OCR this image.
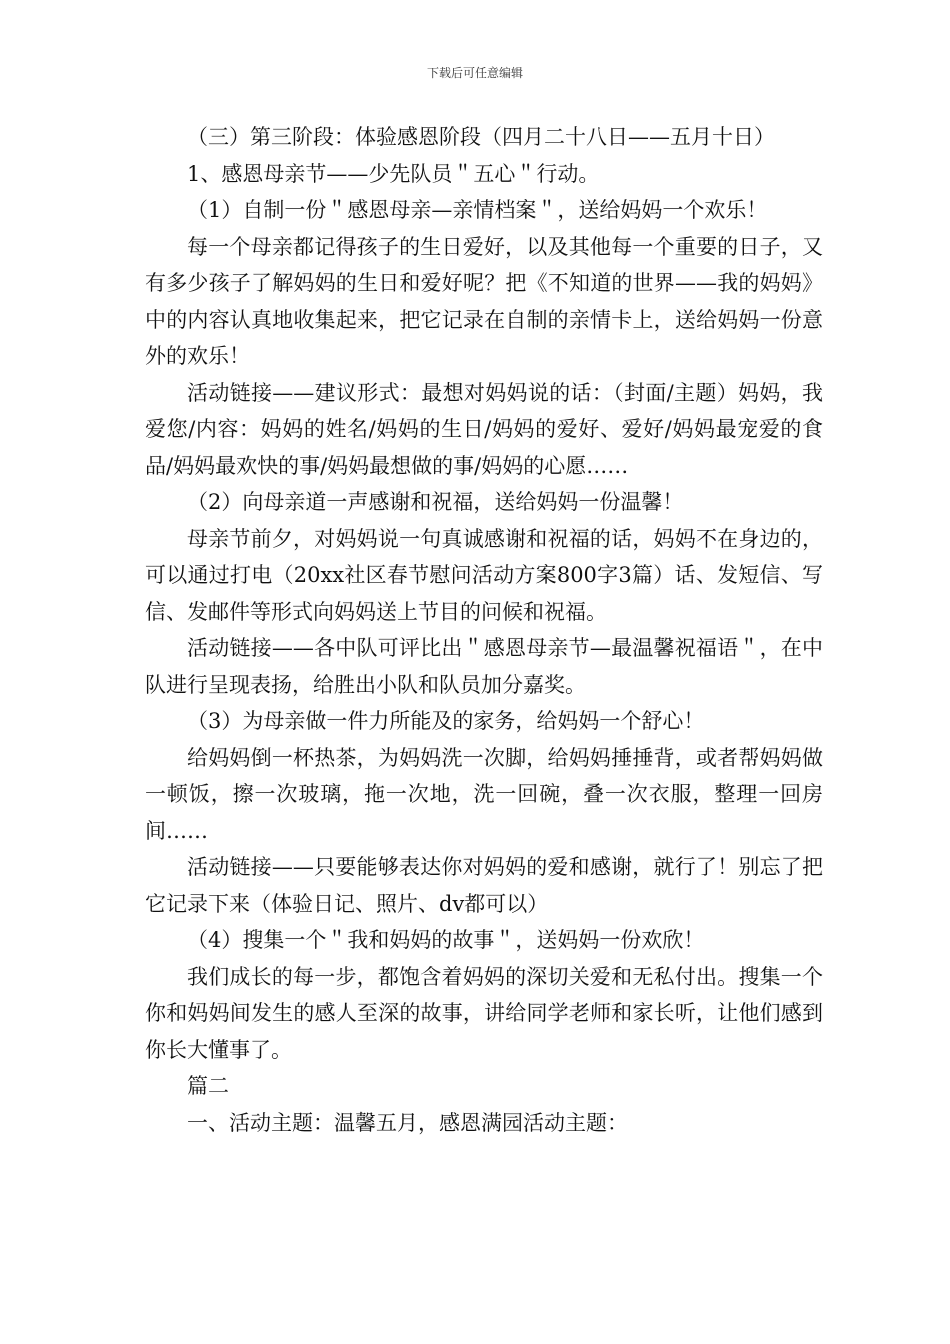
下载后可任意编辑

（三）第三阶段：体验感恩阶段（四月二十八日——五月十日）

1、感恩母亲节——少先队员＂五心＂行动。

（1）自制一份＂感恩母亲—亲情档案＂，送给妈妈一个欢乐！

每一个母亲都记得孩子的生日爱好，以及其他每一个重要的日子，又有多少孩子了解妈妈的生日和爱好呢？把《不知道的世界——我的妈妈》中的内容认真地收集起来，把它记录在自制的亲情卡上，送给妈妈一份意外的欢乐！

活动链接——建议形式：最想对妈妈说的话：（封面/主题）妈妈，我爱您/内容：妈妈的姓名/妈妈的生日/妈妈的爱好、爱好/妈妈最宠爱的食品/妈妈最欢快的事/妈妈最想做的事/妈妈的心愿……

（2）向母亲道一声感谢和祝福，送给妈妈一份温馨！

母亲节前夕，对妈妈说一句真诚感谢和祝福的话，妈妈不在身边的，可以通过打电（20xx社区春节慰问活动方案800字3篇）话、发短信、写信、发邮件等形式向妈妈送上节目的问候和祝福。

活动链接——各中队可评比出＂感恩母亲节—最温馨祝福语＂，在中队进行呈现表扬，给胜出小队和队员加分嘉奖。

（3）为母亲做一件力所能及的家务，给妈妈一个舒心！

给妈妈倒一杯热茶，为妈妈洗一次脚，给妈妈捶捶背，或者帮妈妈做一顿饭，擦一次玻璃，拖一次地，洗一回碗，叠一次衣服，整理一回房间……

活动链接——只要能够表达你对妈妈的爱和感谢，就行了！别忘了把它记录下来（体验日记、照片、dv都可以）

（4）搜集一个＂我和妈妈的故事＂，送妈妈一份欢欣！

我们成长的每一步，都饱含着妈妈的深切关爱和无私付出。搜集一个你和妈妈间发生的感人至深的故事，讲给同学老师和家长听，让他们感到你长大懂事了。

篇二

一、活动主题：温馨五月，感恩满园活动主题：
